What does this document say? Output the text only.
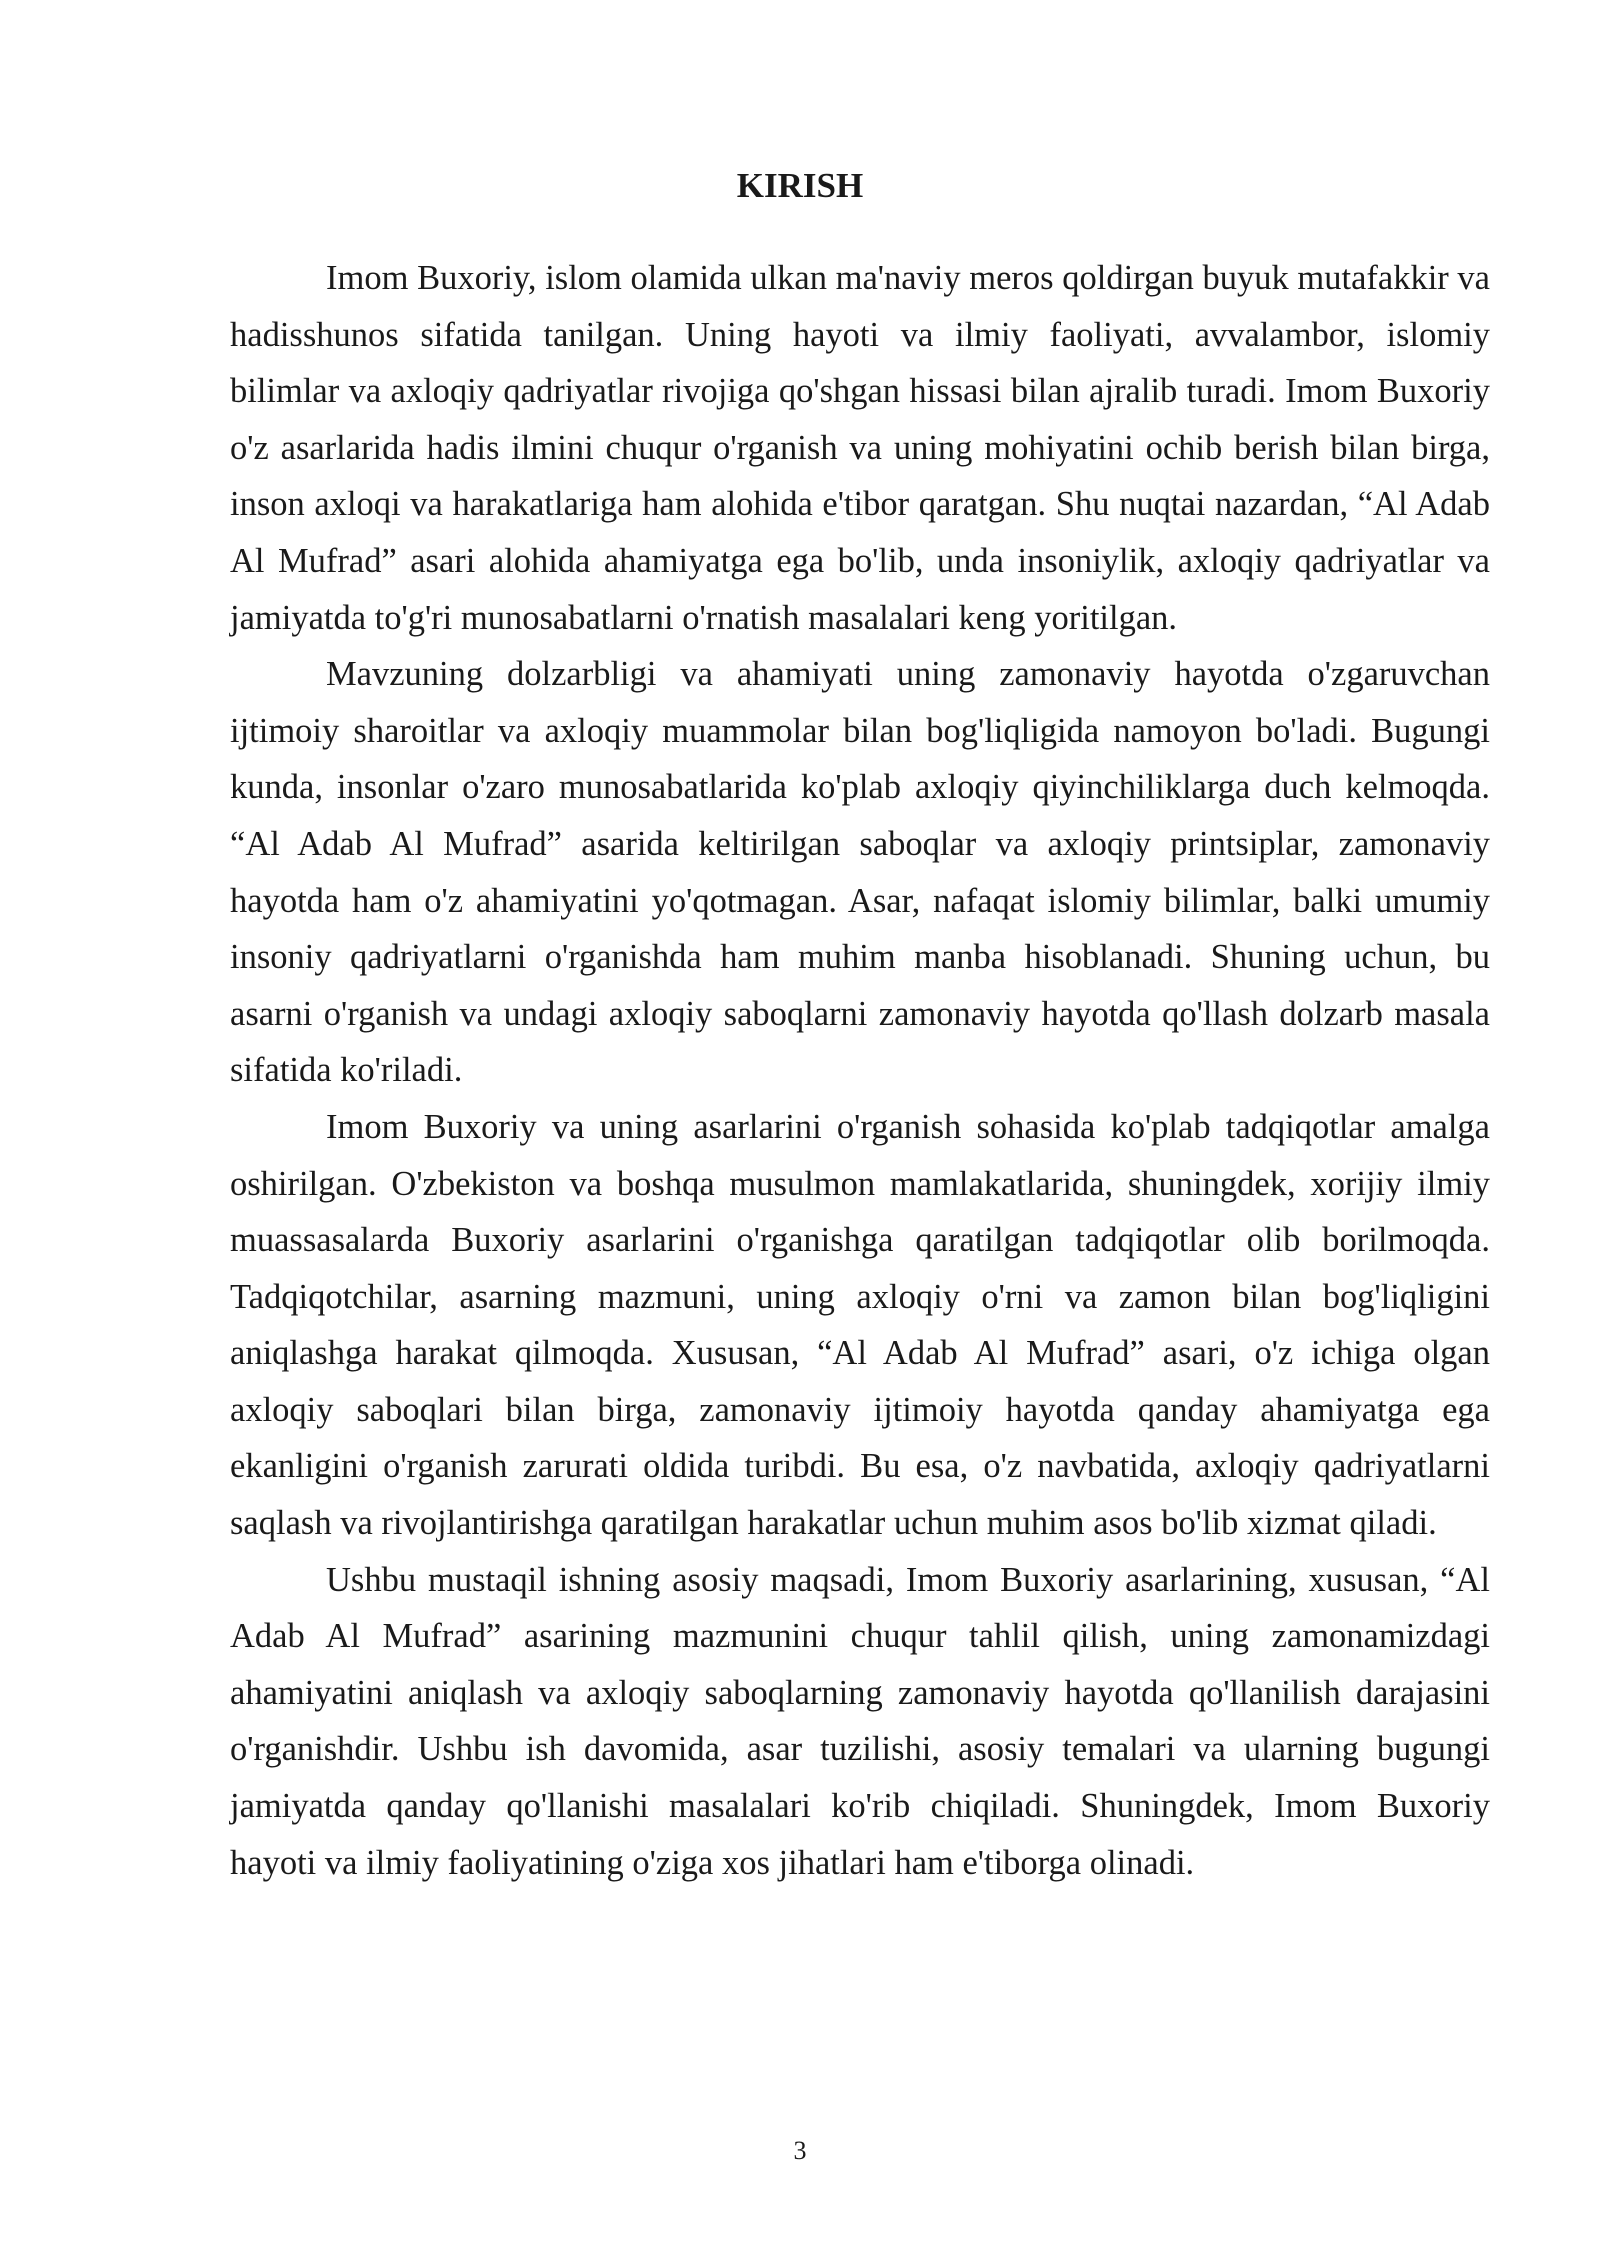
KIRISH

Imom Buxoriy, islom olamida ulkan ma'naviy meros qoldirgan buyuk mutafakkir va hadisshunos sifatida tanilgan. Uning hayoti va ilmiy faoliyati, avvalambor, islomiy bilimlar va axloqiy qadriyatlar rivojiga qo'shgan hissasi bilan ajralib turadi. Imom Buxoriy o'z asarlarida hadis ilmini chuqur o'rganish va uning mohiyatini ochib berish bilan birga, inson axloqi va harakatlariga ham alohida e'tibor qaratgan. Shu nuqtai nazardan, “Al Adab Al Mufrad” asari alohida ahamiyatga ega bo'lib, unda insoniylik, axloqiy qadriyatlar va jamiyatda to'g'ri munosabatlarni o'rnatish masalalari keng yoritilgan.

Mavzuning dolzarbligi va ahamiyati uning zamonaviy hayotda o'zgaruvchan ijtimoiy sharoitlar va axloqiy muammolar bilan bog'liqligida namoyon bo'ladi. Bugungi kunda, insonlar o'zaro munosabatlarida ko'plab axloqiy qiyinchiliklarga duch kelmoqda. “Al Adab Al Mufrad” asarida keltirilgan saboqlar va axloqiy printsiplar, zamonaviy hayotda ham o'z ahamiyatini yo'qotmagan. Asar, nafaqat islomiy bilimlar, balki umumiy insoniy qadriyatlarni o'rganishda ham muhim manba hisoblanadi. Shuning uchun, bu asarni o'rganish va undagi axloqiy saboqlarni zamonaviy hayotda qo'llash dolzarb masala sifatida ko'riladi.

Imom Buxoriy va uning asarlarini o'rganish sohasida ko'plab tadqiqotlar amalga oshirilgan. O'zbekiston va boshqa musulmon mamlakatlarida, shuningdek, xorijiy ilmiy muassasalarda Buxoriy asarlarini o'rganishga qaratilgan tadqiqotlar olib borilmoqda. Tadqiqotchilar, asarning mazmuni, uning axloqiy o'rni va zamon bilan bog'liqligini aniqlashga harakat qilmoqda. Xususan, “Al Adab Al Mufrad” asari, o'z ichiga olgan axloqiy saboqlari bilan birga, zamonaviy ijtimoiy hayotda qanday ahamiyatga ega ekanligini o'rganish zarurati oldida turibdi. Bu esa, o'z navbatida, axloqiy qadriyatlarni saqlash va rivojlantirishga qaratilgan harakatlar uchun muhim asos bo'lib xizmat qiladi.

Ushbu mustaqil ishning asosiy maqsadi, Imom Buxoriy asarlarining, xususan, “Al Adab Al Mufrad” asarining mazmunini chuqur tahlil qilish, uning zamonamizdagi ahamiyatini aniqlash va axloqiy saboqlarning zamonaviy hayotda qo'llanilish darajasini o'rganishdir. Ushbu ish davomida, asar tuzilishi, asosiy temalari va ularning bugungi jamiyatda qanday qo'llanishi masalalari ko'rib chiqiladi. Shuningdek, Imom Buxoriy hayoti va ilmiy faoliyatining o'ziga xos jihatlari ham e'tiborga olinadi.

3
